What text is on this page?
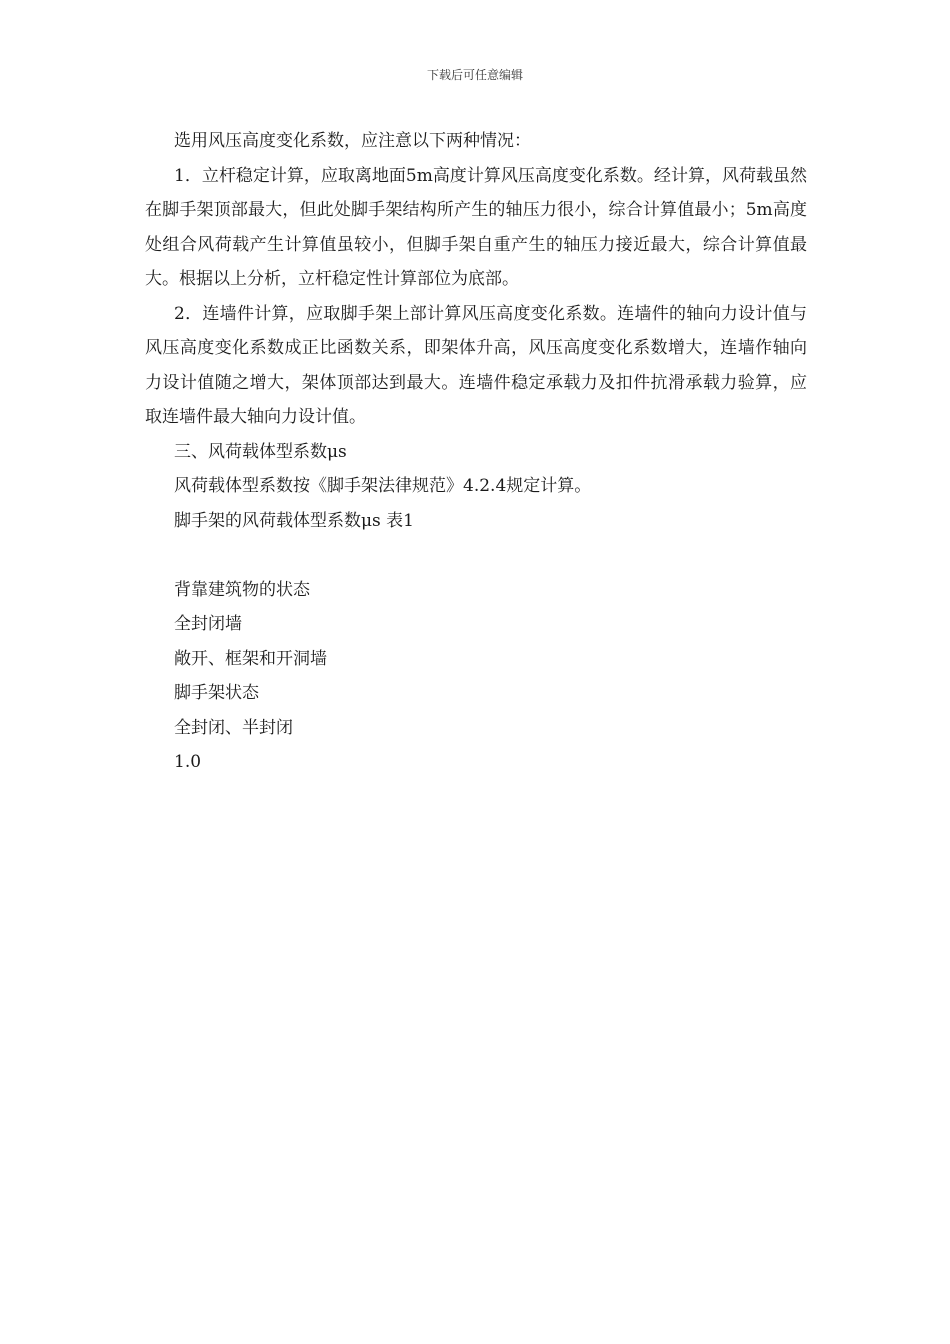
下载后可任意编辑

选用风压高度变化系数，应注意以下两种情况：

1．立杆稳定计算，应取离地面5m高度计算风压高度变化系数。经计算，风荷载虽然在脚手架顶部最大，但此处脚手架结构所产生的轴压力很小，综合计算值最小；5m高度处组合风荷载产生计算值虽较小，但脚手架自重产生的轴压力接近最大，综合计算值最大。根据以上分析，立杆稳定性计算部位为底部。

2．连墙件计算，应取脚手架上部计算风压高度变化系数。连墙件的轴向力设计值与风压高度变化系数成正比函数关系，即架体升高，风压高度变化系数增大，连墙作轴向力设计值随之增大，架体顶部达到最大。连墙件稳定承载力及扣件抗滑承载力验算，应取连墙件最大轴向力设计值。

三、风荷载体型系数μs

风荷载体型系数按《脚手架法律规范》4.2.4规定计算。

脚手架的风荷载体型系数μs 表1

背靠建筑物的状态

全封闭墙

敞开、框架和开洞墙

脚手架状态

全封闭、半封闭

1.0
